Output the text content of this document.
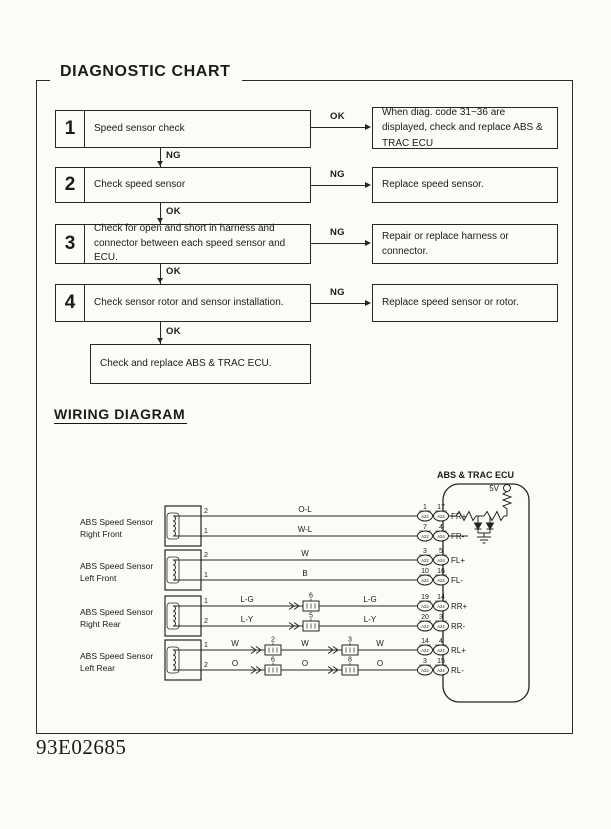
DIAGNOSTIC CHART
1	Speed sensor check
OK	When diag. code 31~36 are displayed, check and replace ABS & TRAC ECU
NG
2	Check speed sensor
NG
Replace speed sensor.
OK
3
Check for open and short in harness and connector between each speed sensor and ECU.
NG	Repair or replace harness or connector.
OK
4	Check sensor rotor and sensor installation.
NG
Replace speed sensor or rotor.
OK
Check and replace ABS & TRAC ECU.
WIRING DIAGRAM
ABS & TRAC ECU
5V
ABS Speed Sensor
Right Front
ABS Speed Sensor
Left Front
ABS Speed Sensor
Right Rear
ABS Speed Sensor
Left Rear
2
1
2
1
1
2
1
2
O-L
W-L
W
B
L-G	L-G
L-Y	L-Y
W	W	W
O	O	O
6
5
2	3
6	8
1 17
A22 A24 FR+
7 4
A22 A24 FR-
3 5
A22 A24 FL+
10 16
A22 A24 FL-
19 14
A22 A24 RR+
20 3
A22 A24 RR-
14 4
A22 A24 RL+
3 15
A22 A24 RL-
93E02685
